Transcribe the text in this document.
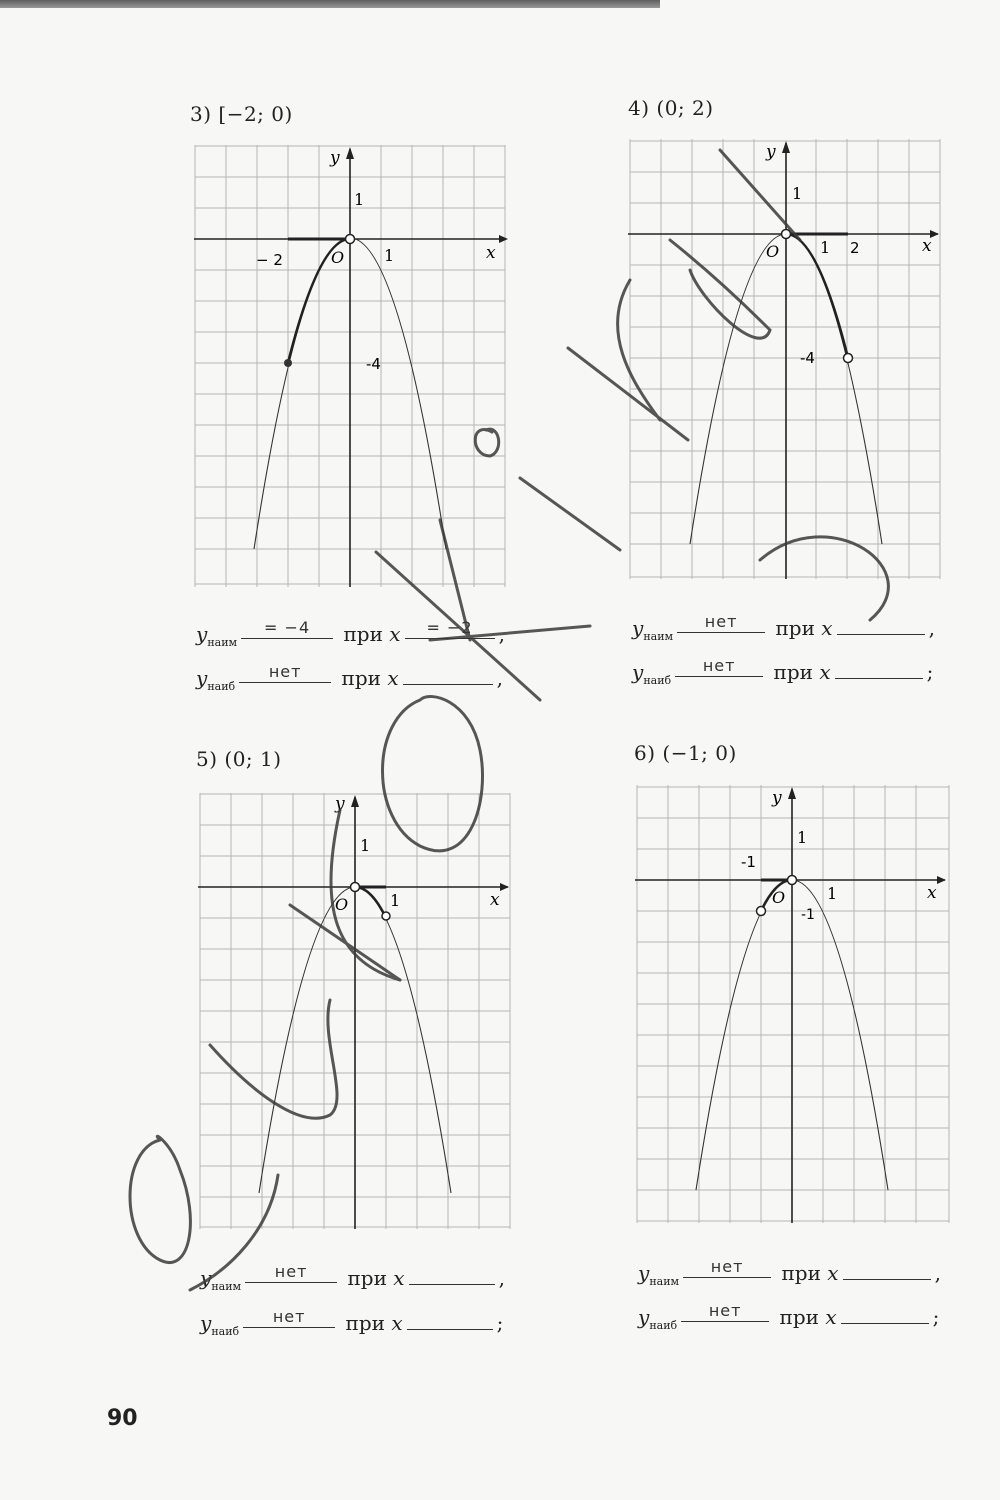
3) [−2; 0)
x
y
O 1
1
− 2
-4
$y_{наим}^{= -4}$ при x $^{= -2}$ ,
$y_{наиб}^{нет}$ при x	,
4) (0; 2)
x
y
O	1
1
2
-4
$y_{наим}^{нет}$ при x	,
$y_{наиб}^{нет}$ при x	;
5) (0; 1)
x
y
O	1
1
$y_{наим}^{нет}$ при x	,
$y_{наиб}^{нет}$ при x	;
6) (−1; 0)
x
y
O	1
1
-1
-1
$y_{наим}^{нет}$ при x	,
$y_{наиб}^{нет}$ при x	;
90
